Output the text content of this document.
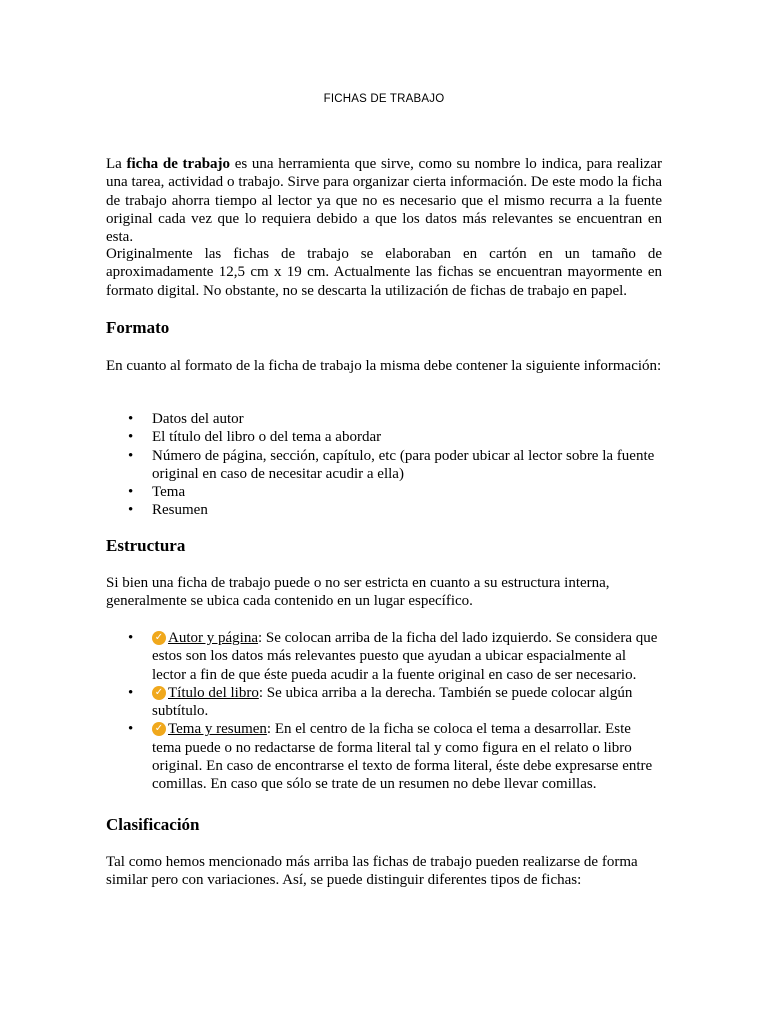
FICHAS DE TRABAJO

La ficha de trabajo es una herramienta que sirve, como su nombre lo indica, para realizar una tarea, actividad o trabajo. Sirve para organizar cierta información. De este modo la ficha de trabajo ahorra tiempo al lector ya que no es necesario que el mismo recurra a la fuente original cada vez que lo requiera debido a que los datos más relevantes se encuentran en esta.

Originalmente las fichas de trabajo se elaboraban en cartón en un tamaño de aproximadamente 12,5 cm x 19 cm. Actualmente las fichas se encuentran mayormente en formato digital. No obstante, no se descarta la utilización de fichas de trabajo en papel.

Formato

En cuanto al formato de la ficha de trabajo la misma debe contener la siguiente información:

• Datos del autor
• El título del libro o del tema a abordar
• Número de página, sección, capítulo, etc (para poder ubicar al lector sobre la fuente original en caso de necesitar acudir a ella)
• Tema
• Resumen
Estructura

Si bien una ficha de trabajo puede o no ser estricta en cuanto a su estructura interna, generalmente se ubica cada contenido en un lugar específico.

• ✓ Autor y página: Se colocan arriba de la ficha del lado izquierdo. Se considera que estos son los datos más relevantes puesto que ayudan a ubicar espacialmente al lector a fin de que éste pueda acudir a la fuente original en caso de ser necesario.
• ✓ Título del libro: Se ubica arriba a la derecha. También se puede colocar algún subtítulo.
• ✓ Tema y resumen: En el centro de la ficha se coloca el tema a desarrollar. Este tema puede o no redactarse de forma literal tal y como figura en el relato o libro original. En caso de encontrarse el texto de forma literal, éste debe expresarse entre comillas. En caso que sólo se trate de un resumen no debe llevar comillas.
Clasificación

Tal como hemos mencionado más arriba las fichas de trabajo pueden realizarse de forma similar pero con variaciones. Así, se puede distinguir diferentes tipos de fichas:
